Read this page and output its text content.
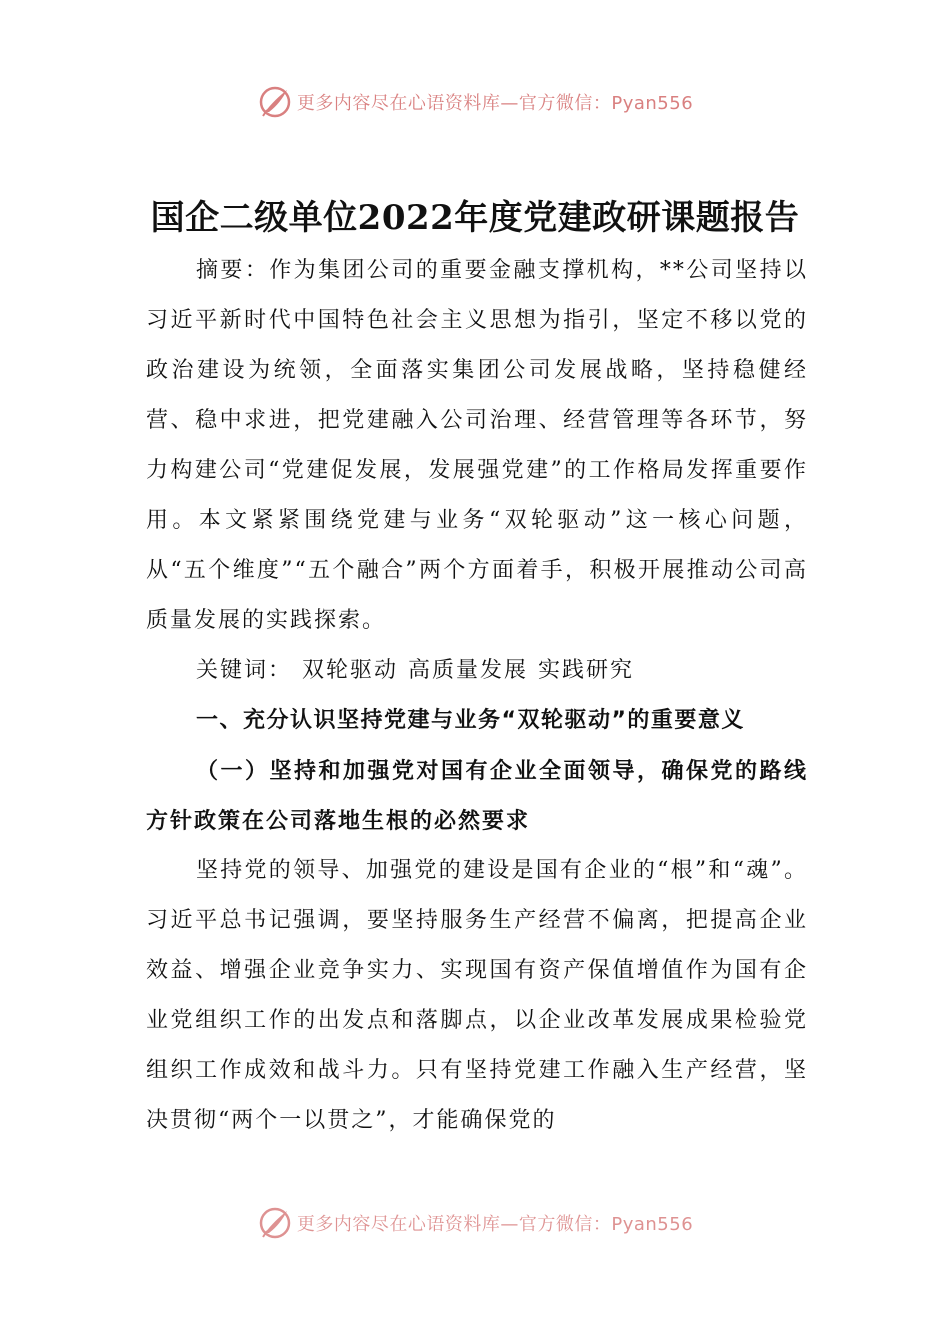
更多内容尽在心语资料库—官方微信：Pyan556
国企二级单位2022年度党建政研课题报告

摘要：作为集团公司的重要金融支撑机构，**公司坚持以习近平新时代中国特色社会主义思想为指引，坚定不移以党的政治建设为统领，全面落实集团公司发展战略，坚持稳健经营、稳中求进，把党建融入公司治理、经营管理等各环节，努力构建公司“党建促发展，发展强党建”的工作格局发挥重要作用。本文紧紧围绕党建与业务“双轮驱动”这一核心问题，从“五个维度”“五个融合”两个方面着手，积极开展推动公司高质量发展的实践探索。

关键词： 双轮驱动 高质量发展 实践研究

一、充分认识坚持党建与业务“双轮驱动”的重要意义

（一）坚持和加强党对国有企业全面领导，确保党的路线方针政策在公司落地生根的必然要求

坚持党的领导、加强党的建设是国有企业的“根”和“魂”。习近平总书记强调，要坚持服务生产经营不偏离，把提高企业效益、增强企业竞争实力、实现国有资产保值增值作为国有企业党组织工作的出发点和落脚点，以企业改革发展成果检验党组织工作成效和战斗力。只有坚持党建工作融入生产经营，坚决贯彻“两个一以贯之”，才能确保党的

更多内容尽在心语资料库—官方微信：Pyan556
